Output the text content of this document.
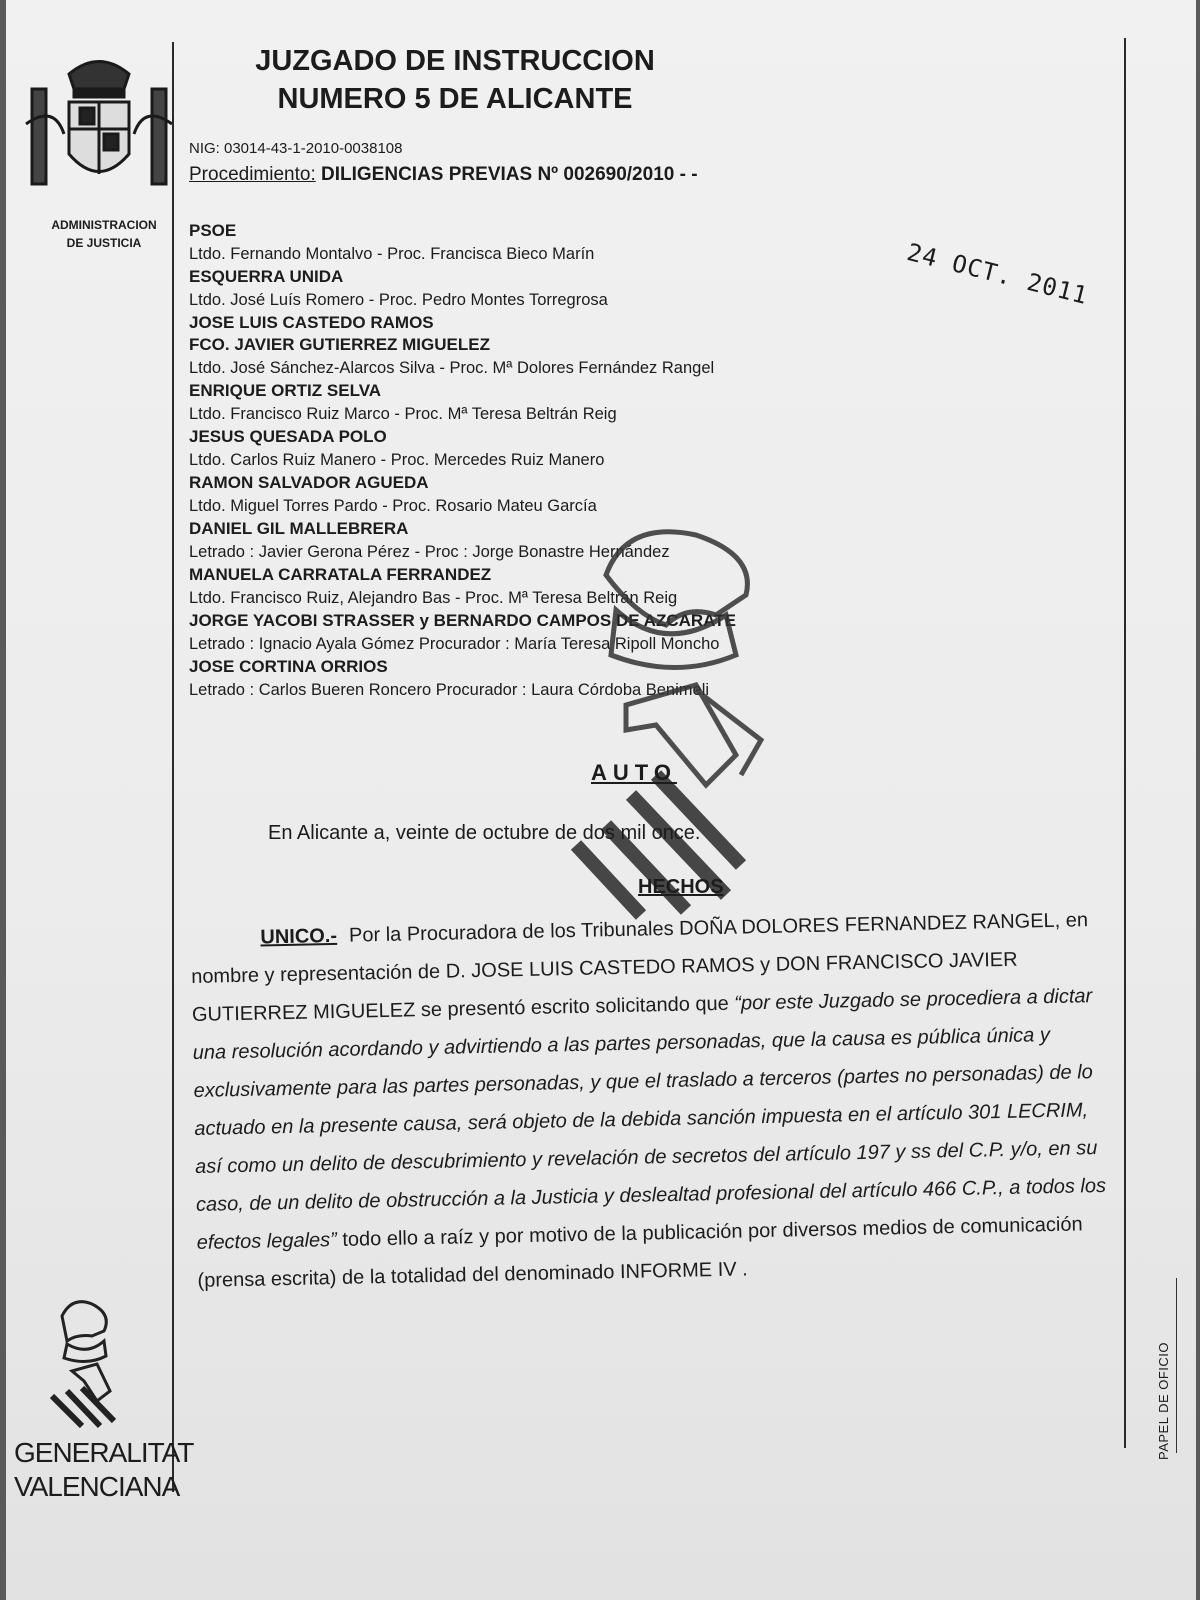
ADMINISTRACION
DE JUSTICIA
JUZGADO DE INSTRUCCION
NUMERO 5 DE ALICANTE
NIG: 03014-43-1-2010-0038108
Procedimiento: DILIGENCIAS PREVIAS Nº 002690/2010 - -
24 OCT. 2011

PSOE

Ltdo. Fernando Montalvo - Proc. Francisca Bieco Marín

ESQUERRA UNIDA

Ltdo. José Luís Romero - Proc. Pedro Montes Torregrosa

JOSE LUIS CASTEDO RAMOS

FCO. JAVIER GUTIERREZ MIGUELEZ

Ltdo. José Sánchez-Alarcos Silva - Proc. Mª Dolores Fernández Rangel

ENRIQUE ORTIZ SELVA

Ltdo. Francisco Ruiz Marco - Proc. Mª Teresa Beltrán Reig

JESUS QUESADA POLO

Ltdo. Carlos Ruiz Manero - Proc. Mercedes Ruiz Manero

RAMON SALVADOR AGUEDA

Ltdo. Miguel Torres Pardo - Proc. Rosario Mateu García

DANIEL GIL MALLEBRERA

Letrado : Javier Gerona Pérez - Proc : Jorge Bonastre Hernández

MANUELA CARRATALA FERRANDEZ

Ltdo. Francisco Ruiz, Alejandro Bas - Proc. Mª Teresa Beltrán Reig

JORGE YACOBI STRASSER y BERNARDO CAMPOS DE AZCARATE

Letrado : Ignacio Ayala Gómez Procurador : María Teresa Ripoll Moncho

JOSE CORTINA ORRIOS

Letrado : Carlos Bueren Roncero Procurador : Laura Córdoba Benimeli

AUTO
En Alicante a, veinte de octubre de dos mil once.
HECHOS
UNICO.- Por la Procuradora de los Tribunales DOÑA DOLORES FERNANDEZ RANGEL, en nombre y representación de D. JOSE LUIS CASTEDO RAMOS y DON FRANCISCO JAVIER GUTIERREZ MIGUELEZ se presentó escrito solicitando que “por este Juzgado se procediera a dictar una resolución acordando y advirtiendo a las partes personadas, que la causa es pública única y exclusivamente para las partes personadas, y que el traslado a terceros (partes no personadas) de lo actuado en la presente causa, será objeto de la debida sanción impuesta en el artículo 301 LECRIM, así como un delito de descubrimiento y revelación de secretos del artículo 197 y ss del C.P. y/o, en su caso, de un delito de obstrucción a la Justicia y deslealtad profesional del artículo 466 C.P., a todos los efectos legales” todo ello a raíz y por motivo de la publicación por diversos medios de comunicación (prensa escrita) de la totalidad del denominado INFORME IV .
GENERALITAT
VALENCIANA
PAPEL DE OFICIO
